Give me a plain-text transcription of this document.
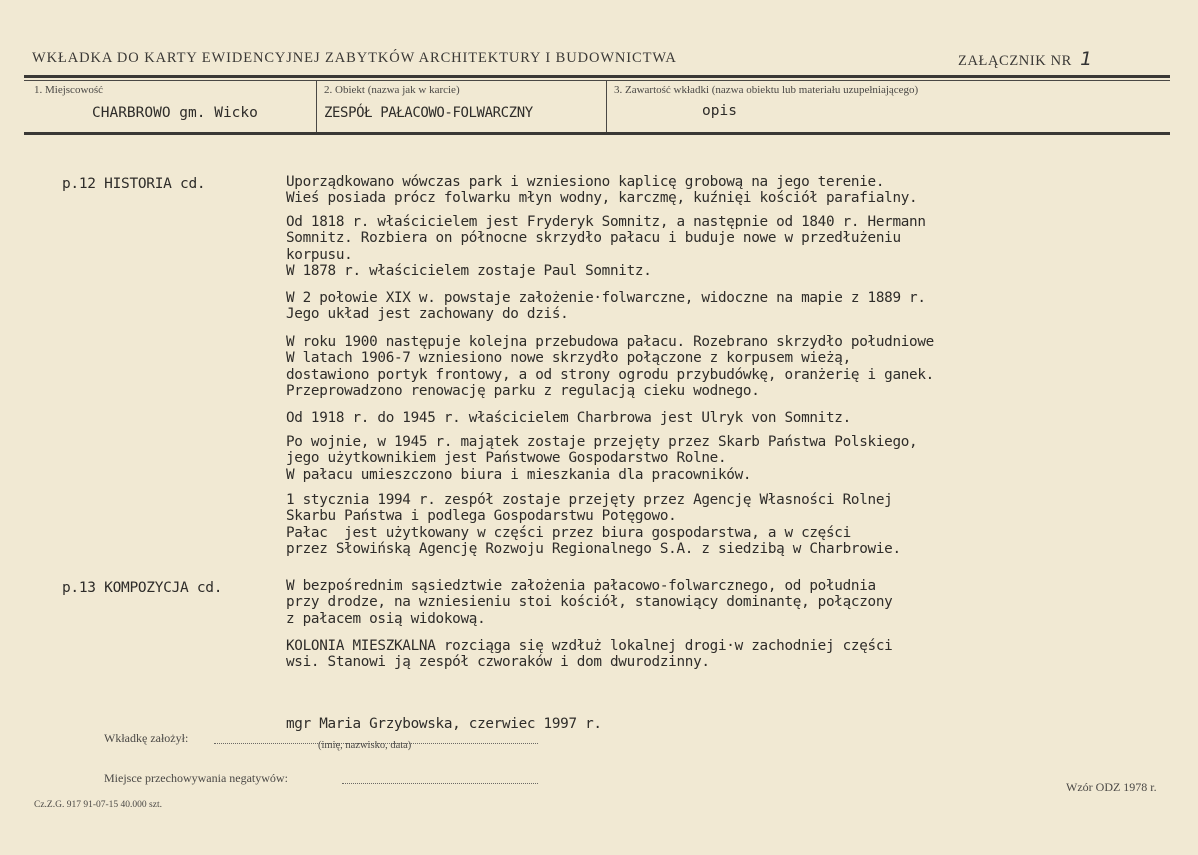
WKŁADKA DO KARTY EWIDENCYJNEJ ZABYTKÓW ARCHITEKTURY I BUDOWNICTWA	ZAŁĄCZNIK NR 1
1. Miejscowość
CHARBROWO gm. Wicko
2. Obiekt (nazwa jak w karcie)
ZESPÓŁ PAŁACOWO-FOLWARCZNY
3. Zawartość wkładki (nazwa obiektu lub materiału uzupełniającego)
opis
p.12 HISTORIA cd.	Uporządkowano wówczas park i wzniesiono kaplicę grobową na jego terenie.
Wieś posiada prócz folwarku młyn wodny, karczmę, kuźnięi kościół parafialny.
Od 1818 r. właścicielem jest Fryderyk Somnitz, a następnie od 1840 r. Hermann
Somnitz. Rozbiera on północne skrzydło pałacu i buduje nowe w przedłużeniu
korpusu.
W 1878 r. właścicielem zostaje Paul Somnitz.
W 2 połowie XIX w. powstaje założenie·folwarczne, widoczne na mapie z 1889 r.
Jego układ jest zachowany do dziś.
W roku 1900 następuje kolejna przebudowa pałacu. Rozebrano skrzydło południowe
W latach 1906-7 wzniesiono nowe skrzydło połączone z korpusem wieżą,
dostawiono portyk frontowy, a od strony ogrodu przybudówkę, oranżerię i ganek.
Przeprowadzono renowację parku z regulacją cieku wodnego.
Od 1918 r. do 1945 r. właścicielem Charbrowa jest Ulryk von Somnitz.
Po wojnie, w 1945 r. majątek zostaje przejęty przez Skarb Państwa Polskiego,
jego użytkownikiem jest Państwowe Gospodarstwo Rolne.
W pałacu umieszczono biura i mieszkania dla pracowników.
1 stycznia 1994 r. zespół zostaje przejęty przez Agencję Własności Rolnej
Skarbu Państwa i podlega Gospodarstwu Potęgowo.
Pałac  jest użytkowany w części przez biura gospodarstwa, a w części
przez Słowińską Agencję Rozwoju Regionalnego S.A. z siedzibą w Charbrowie.
p.13 KOMPOZYCJA cd.	W bezpośrednim sąsiedztwie założenia pałacowo-folwarcznego, od południa
przy drodze, na wzniesieniu stoi kościół, stanowiący dominantę, połączony
z pałacem osią widokową.
KOLONIA MIESZKALNA rozciąga się wzdłuż lokalnej drogi·w zachodniej części
wsi. Stanowi ją zespół czworaków i dom dwurodzinny.
Wkładkę założył:
mgr Maria Grzybowska, czerwiec 1997 r.
(imię, nazwisko, data)
Miejsce przechowywania negatywów:
Wzór ODZ 1978 r.
Cz.Z.G. 917 91-07-15 40.000 szt.
